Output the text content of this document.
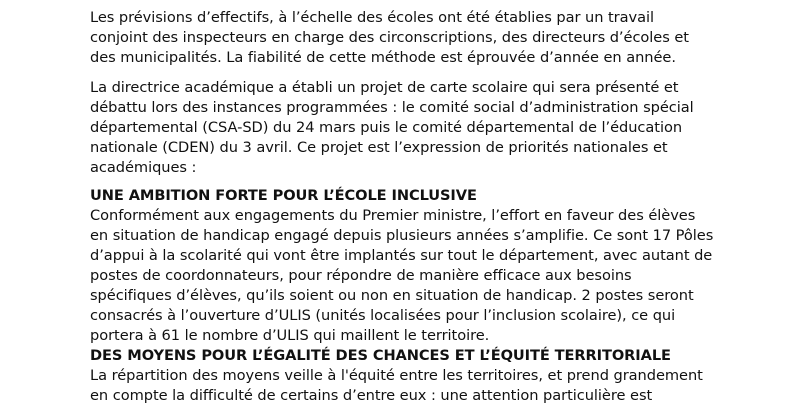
Les prévisions d’effectifs, à l’échelle des écoles ont été établies par un travail
conjoint des inspecteurs en charge des circonscriptions, des directeurs d’écoles et
des municipalités. La fiabilité de cette méthode est éprouvée d’année en année.
La directrice académique a établi un projet de carte scolaire qui sera présenté et
débattu lors des instances programmées : le comité social d’administration spécial
départemental (CSA-SD) du 24 mars puis le comité départemental de l’éducation
nationale (CDEN) du 3 avril. Ce projet est l’expression de priorités nationales et
académiques :
UNE AMBITION FORTE POUR L’ÉCOLE INCLUSIVE
Conformément aux engagements du Premier ministre, l’effort en faveur des élèves
en situation de handicap engagé depuis plusieurs années s’amplifie. Ce sont 17 Pôles
d’appui à la scolarité qui vont être implantés sur tout le département, avec autant de
postes de coordonnateurs, pour répondre de manière efficace aux besoins
spécifiques d’élèves, qu’ils soient ou non en situation de handicap. 2 postes seront
consacrés à l’ouverture d’ULIS (unités localisées pour l’inclusion scolaire), ce qui
portera à 61 le nombre d’ULIS qui maillent le territoire.
DES MOYENS POUR L’ÉGALITÉ DES CHANCES ET L’ÉQUITÉ TERRITORIALE
La répartition des moyens veille à l'équité entre les territoires, et prend grandement
en compte la difficulté de certains d’entre eux : une attention particulière est
